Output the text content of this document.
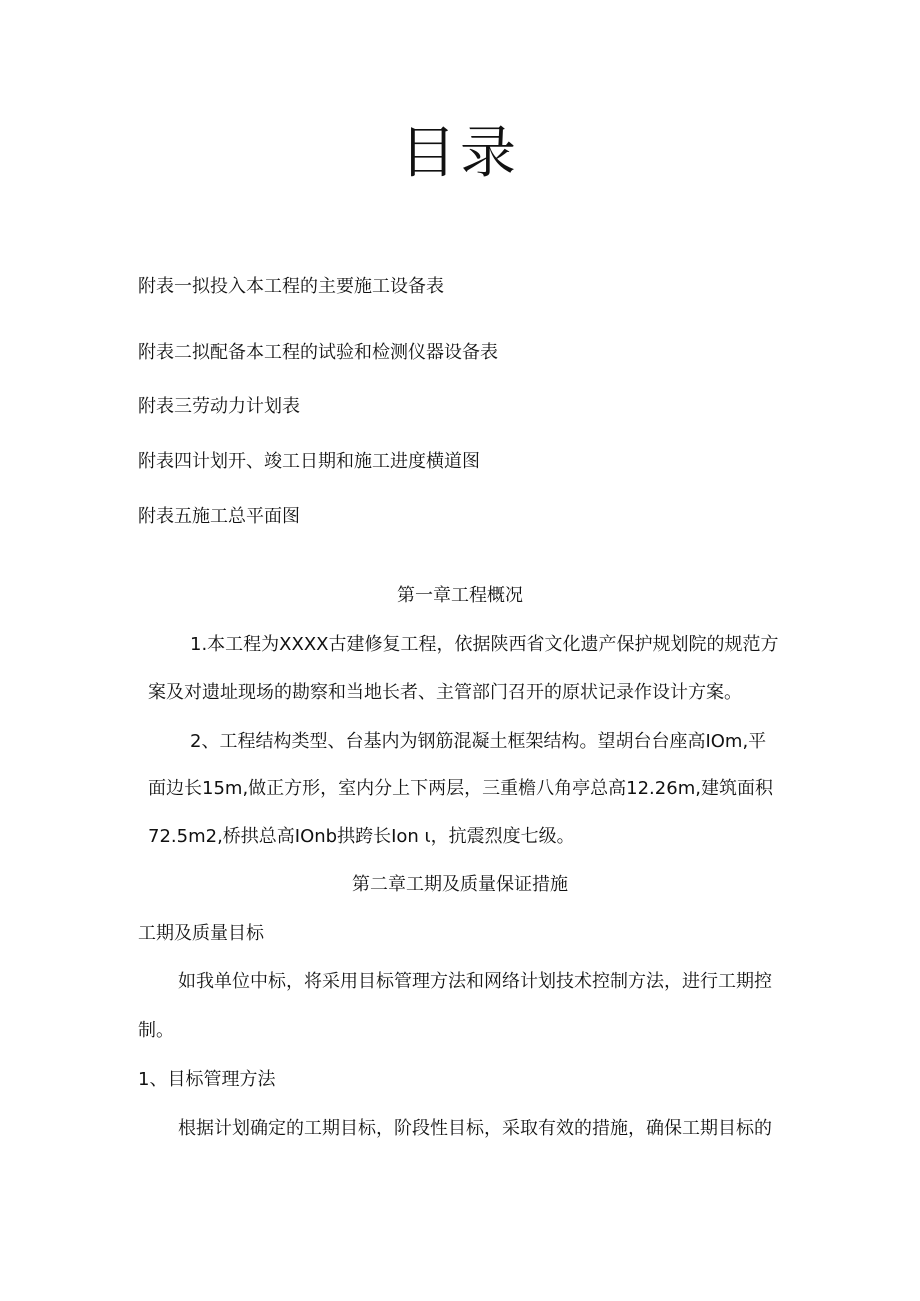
目录
附表一拟投入本工程的主要施工设备表
附表二拟配备本工程的试验和检测仪器设备表
附表三劳动力计划表
附表四计划开、竣工日期和施工进度横道图
附表五施工总平面图
第一章工程概况
1.本工程为XXXX古建修复工程，依据陕西省文化遗产保护规划院的规范方
案及对遗址现场的勘察和当地长者、主管部门召开的原状记录作设计方案。
2、工程结构类型、台基内为钢筋混凝土框架结构。望胡台台座高IOm,平
面边长15m,做正方形，室内分上下两层，三重檐八角亭总高12.26m,建筑面积
72.5m2,桥拱总高IOnb拱跨长Ion ι，抗震烈度七级。
第二章工期及质量保证措施
工期及质量目标
如我单位中标，将采用目标管理方法和网络计划技术控制方法，进行工期控
制。
1、目标管理方法
根据计划确定的工期目标，阶段性目标，采取有效的措施，确保工期目标的
